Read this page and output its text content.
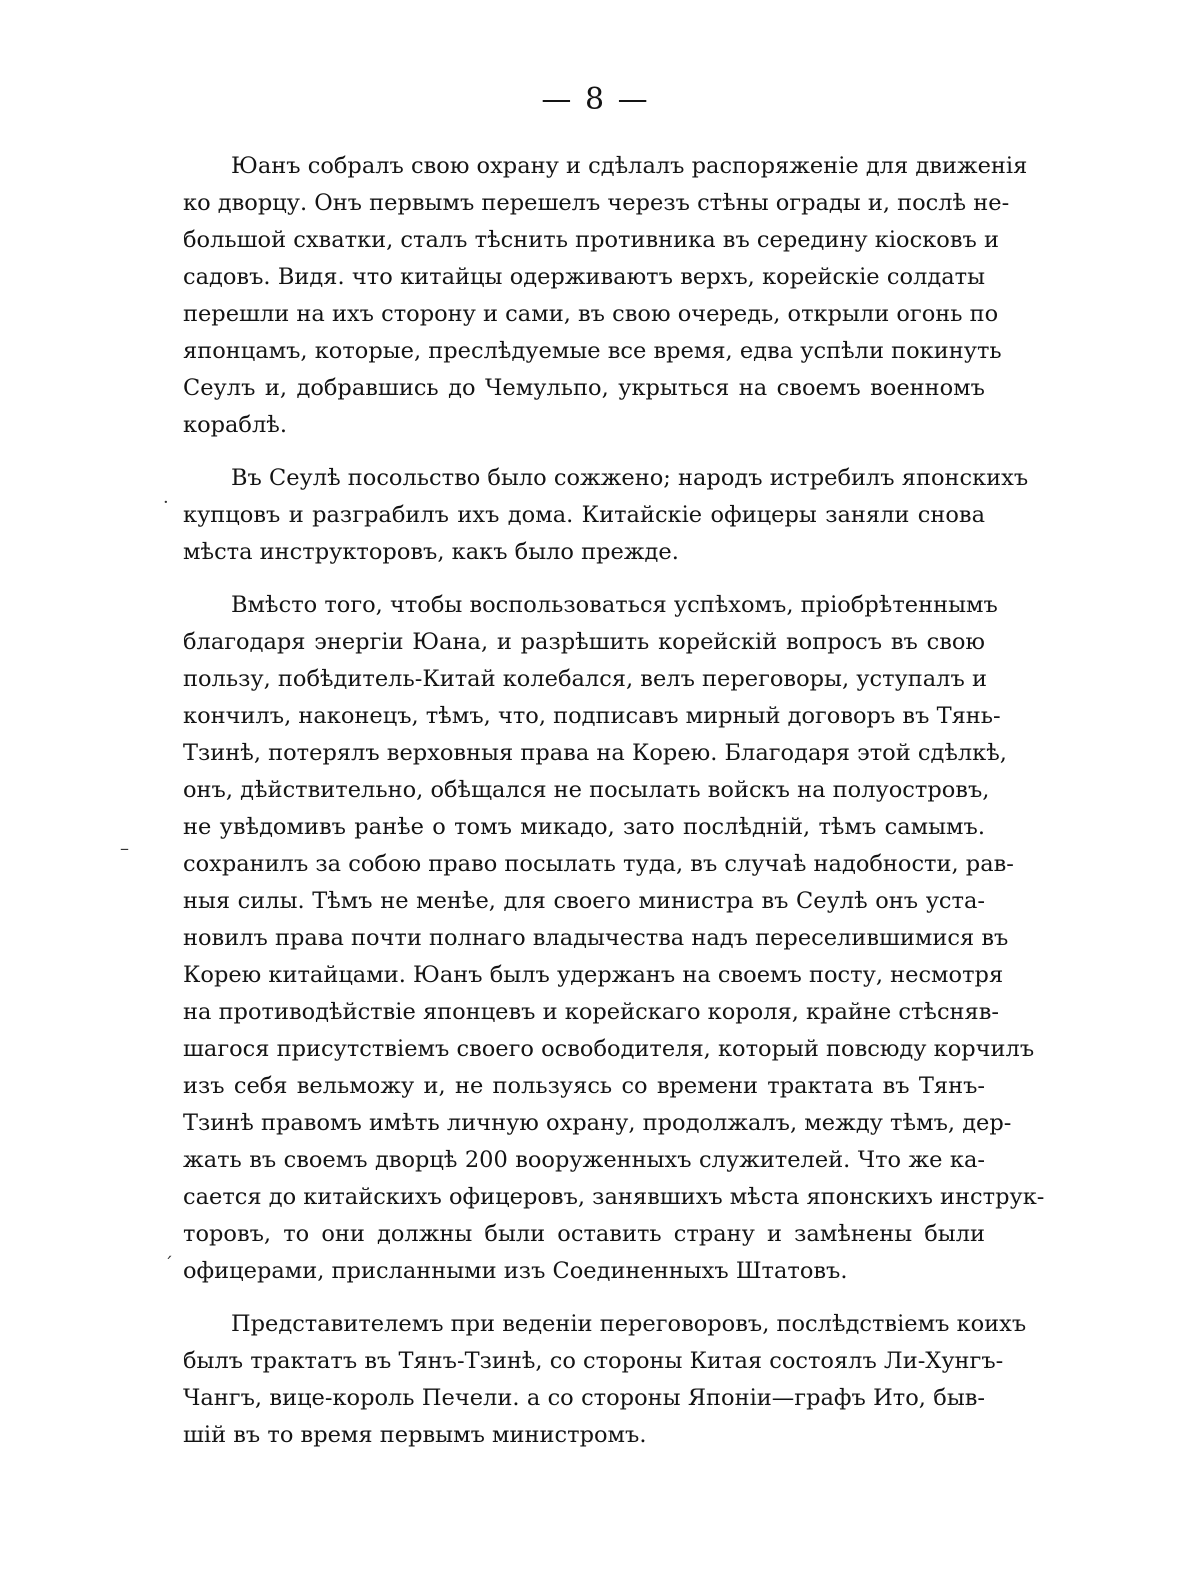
— 8 —
·
–
ˊ
Юанъ собралъ свою охрану и сдѣлалъ распоряженіе для движенія
ко дворцу. Онъ первымъ перешелъ черезъ стѣны ограды и, послѣ не-
большой схватки, сталъ тѣснить противника въ середину кіосковъ и
садовъ. Видя. что китайцы одерживаютъ верхъ, корейскіе солдаты
перешли на ихъ сторону и сами, въ свою очередь, открыли огонь по
японцамъ, которые, преслѣдуемые все время, едва успѣли покинуть
Сеулъ и, добравшись до Чемульпо, укрыться на своемъ военномъ
кораблѣ.
Въ Сеулѣ посольство было сожжено; народъ истребилъ японскихъ
купцовъ и разграбилъ ихъ дома. Китайскіе офицеры заняли снова
мѣста инструкторовъ, какъ было прежде.
Вмѣсто того, чтобы воспользоваться успѣхомъ, пріобрѣтеннымъ
благодаря энергіи Юана, и разрѣшить корейскій вопросъ въ свою
пользу, побѣдитель-Китай колебался, велъ переговоры, уступалъ и
кончилъ, наконецъ, тѣмъ, что, подписавъ мирный договоръ въ Тянь-
Тзинѣ, потерялъ верховныя права на Корею. Благодаря этой сдѣлкѣ,
онъ, дѣйствительно, обѣщался не посылать войскъ на полуостровъ,
не увѣдомивъ ранѣе о томъ микадо, зато послѣдній, тѣмъ самымъ.
сохранилъ за собою право посылать туда, въ случаѣ надобности, рав-
ныя силы. Тѣмъ не менѣе, для своего министра въ Сеулѣ онъ уста-
новилъ права почти полнаго владычества надъ переселившимися въ
Корею китайцами. Юанъ былъ удержанъ на своемъ посту, несмотря
на противодѣйствіе японцевъ и корейскаго короля, крайне стѣсняв-
шагося присутствіемъ своего освободителя, который повсюду корчилъ
изъ себя вельможу и, не пользуясь со времени трактата въ Тянъ-
Тзинѣ правомъ имѣть личную охрану, продолжалъ, между тѣмъ, дер-
жать въ своемъ дворцѣ 200 вооруженныхъ служителей. Что же ка-
сается до китайскихъ офицеровъ, занявшихъ мѣста японскихъ инструк-
торовъ, то они должны были оставить страну и замѣнены были
офицерами, присланными изъ Соединенныхъ Штатовъ.
Представителемъ при веденіи переговоровъ, послѣдствіемъ коихъ
былъ трактатъ въ Тянъ-Тзинѣ, со стороны Китая состоялъ Ли-Хунгъ-
Чангъ, вице-король Печели. а со стороны Японіи—графъ Ито, быв-
шій въ то время первымъ министромъ.
